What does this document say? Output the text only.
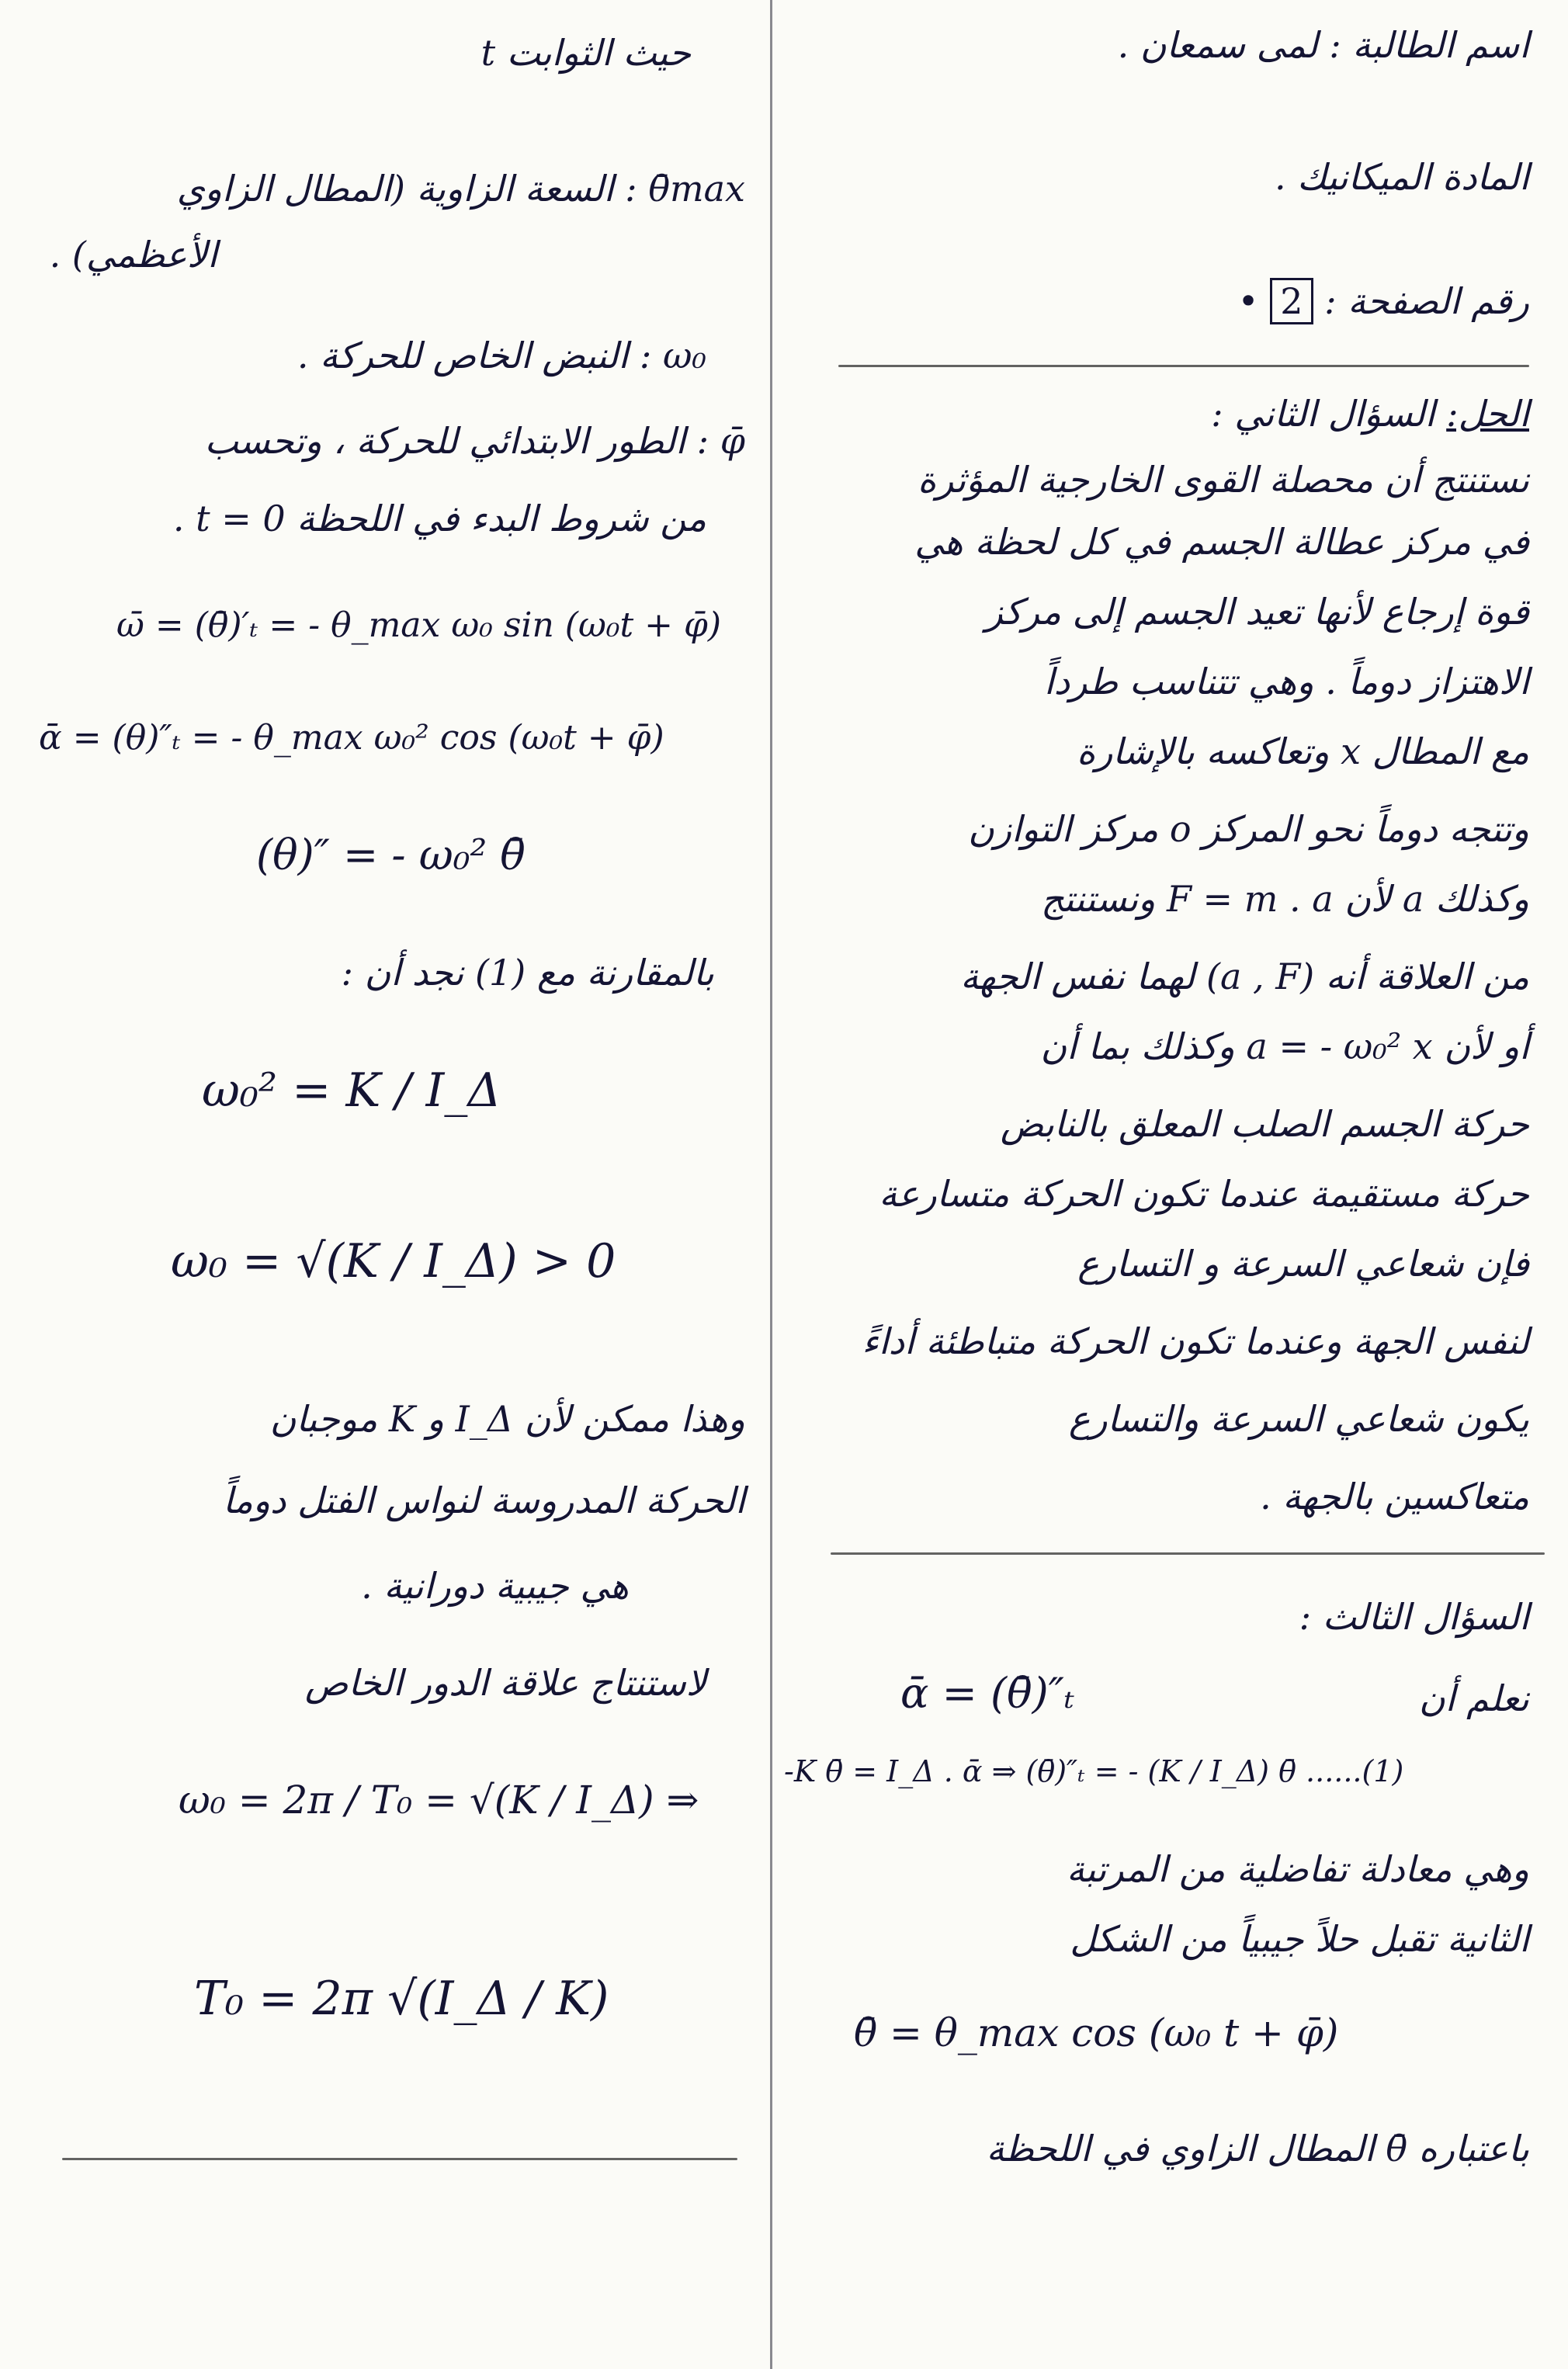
اسم الطالبة : لمى سمعان .
المادة الميكانيك .
رقم الصفحة : 2 •
الحل: السؤال الثاني :
نستنتج أن محصلة القوى الخارجية المؤثرة
في مركز عطالة الجسم في كل لحظة هي
قوة إرجاع لأنها تعيد الجسم إلى مركز
الاهتزاز دوماً . وهي تتناسب طرداً
مع المطال x وتعاكسه بالإشارة
وتتجه دوماً نحو المركز o مركز التوازن
وكذلك a لأن F = m . a ونستنتج
من العلاقة أنه (a , F) لهما نفس الجهة
أو لأن a = - ω₀² x وكذلك بما أن
حركة الجسم الصلب المعلق بالنابض
حركة مستقيمة عندما تكون الحركة متسارعة
فإن شعاعي السرعة و التسارع
لنفس الجهة وعندما تكون الحركة متباطئة أداءً
يكون شعاعي السرعة والتسارع
متعاكسين بالجهة .
السؤال الثالث :
نعلم أن
ᾱ = (θ̄)″ₜ
-K θ̄ = I_Δ . ᾱ ⇒ (θ̄)″ₜ = - (K / I_Δ) θ̄ ......(1)
وهي معادلة تفاضلية من المرتبة
الثانية تقبل حلاً جيبياً من الشكل
θ̄ = θ_max cos (ω₀ t + φ̄)
باعتباره θ̄ المطال الزاوي في اللحظة
حيث الثوابت t
θ̄max : السعة الزاوية (المطال الزاوي
الأعظمي) .
ω₀ : النبض الخاص للحركة .
φ̄ : الطور الابتدائي للحركة ، وتحسب
من شروط البدء في اللحظة t = 0 .
ω̄ = (θ̄)′ₜ = - θ_max ω₀ sin (ω₀t + φ̄)
ᾱ = (θ)″ₜ = - θ_max ω₀² cos (ω₀t + φ̄)
(θ)″ = - ω₀² θ̄
بالمقارنة مع (1) نجد أن :
ω₀² = K / I_Δ
ω₀ = √(K / I_Δ) > 0
وهذا ممكن لأن I_Δ و K موجبان
الحركة المدروسة لنواس الفتل دوماً
هي جيبية دورانية .
لاستنتاج علاقة الدور الخاص
ω₀ = 2π / T₀ = √(K / I_Δ) ⇒
T₀ = 2π √(I_Δ / K)
